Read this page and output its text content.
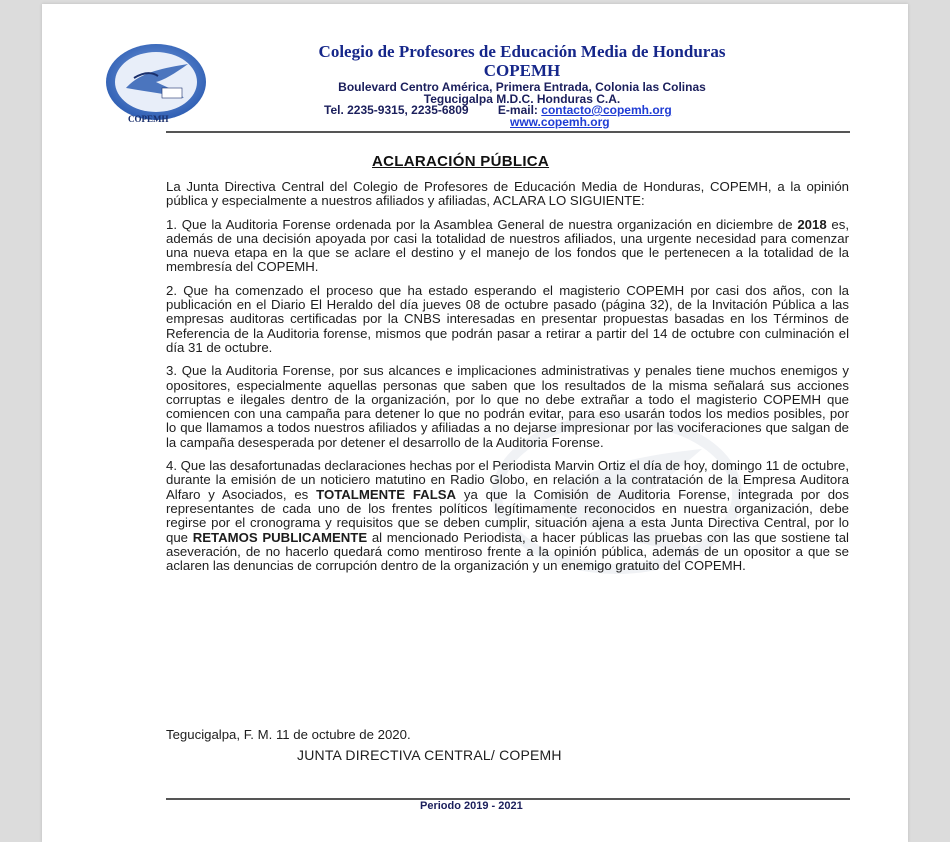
COPEMH
Colegio de Profesores de Educación Media de Honduras
COPEMH
Boulevard Centro América, Primera Entrada, Colonia las Colinas
Tegucigalpa M.D.C. Honduras C.A.
Tel. 2235-9315, 2235-6809 E-mail: contacto@copemh.org
www.copemh.org
ACLARACIÓN PÚBLICA

La Junta Directiva Central del Colegio de Profesores de Educación Media de Honduras, COPEMH, a la opinión pública y especialmente a nuestros afiliados y afiliadas, ACLARA LO SIGUIENTE:

1. Que la Auditoria Forense ordenada por la Asamblea General de nuestra organización en diciembre de 2018 es, además de una decisión apoyada por casi la totalidad de nuestros afiliados, una urgente necesidad para comenzar una nueva etapa en la que se aclare el destino y el manejo de los fondos que le pertenecen a la totalidad de la membresía del COPEMH.

2. Que ha comenzado el proceso que ha estado esperando el magisterio COPEMH por casi dos años, con la publicación en el Diario El Heraldo del día jueves 08 de octubre pasado (página 32), de la Invitación Pública a las empresas auditoras certificadas por la CNBS interesadas en presentar propuestas basadas en los Términos de Referencia de la Auditoria forense, mismos que podrán pasar a retirar a partir del 14 de octubre con culminación el día 31 de octubre.

3. Que la Auditoria Forense, por sus alcances e implicaciones administrativas y penales tiene muchos enemigos y opositores, especialmente aquellas personas que saben que los resultados de la misma señalará sus acciones corruptas e ilegales dentro de la organización, por lo que no debe extrañar a todo el magisterio COPEMH que comiencen con una campaña para detener lo que no podrán evitar, para eso usarán todos los medios posibles, por lo que llamamos a todos nuestros afiliados y afiliadas a no dejarse impresionar por las vociferaciones que salgan de la campaña desesperada por detener el desarrollo de la Auditoria Forense.

4. Que las desafortunadas declaraciones hechas por el Periodista Marvin Ortiz el día de hoy, domingo 11 de octubre, durante la emisión de un noticiero matutino en Radio Globo, en relación a la contratación de la Empresa Auditora Alfaro y Asociados, es TOTALMENTE FALSA ya que la Comisión de Auditoria Forense, integrada por dos representantes de cada uno de los frentes políticos legítimamente reconocidos en nuestra organización, debe regirse por el cronograma y requisitos que se deben cumplir, situación ajena a esta Junta Directiva Central, por lo que RETAMOS PUBLICAMENTE al mencionado Periodista, a hacer públicas las pruebas con las que sostiene tal aseveración, de no hacerlo quedará como mentiroso frente a la opinión pública, además de un opositor a que se aclaren las denuncias de corrupción dentro de la organización y un enemigo gratuito del COPEMH.

Tegucigalpa, F. M. 11 de octubre de 2020.
JUNTA DIRECTIVA CENTRAL/ COPEMH
Periodo 2019 - 2021
